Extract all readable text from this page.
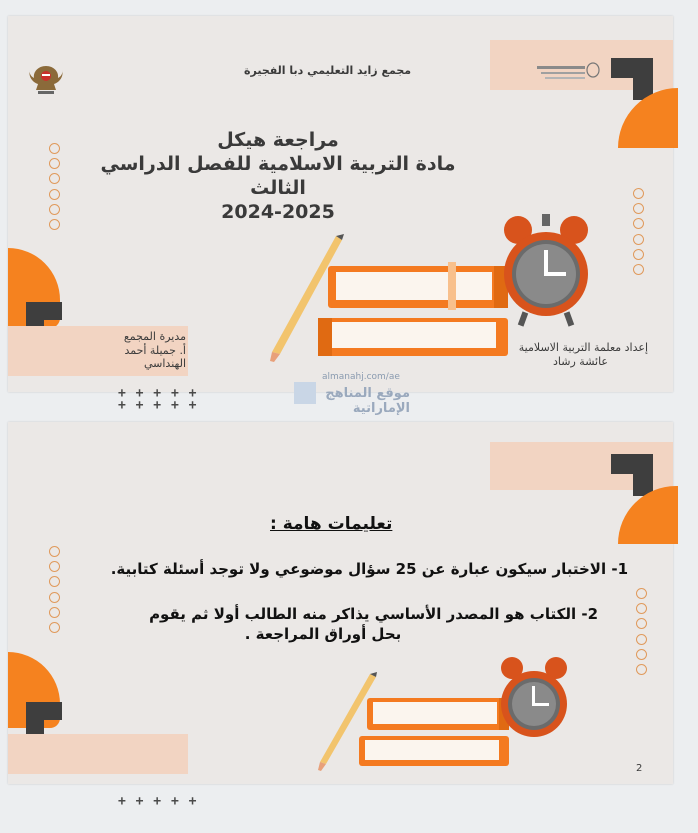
مجمع زايد التعليمي دبا الفجيرة

مراجعة هيكل
مادة التربية الاسلامية للفصل الدراسي الثالث
2024-2025
مديرة المجمع
أ. جميلة أحمد الهنداسي

+ + + + +
+ + + + +

إعداد معلمة التربية الاسلامية
عائشة رشاد
almanahj.com/ae
موقع المناهج الإماراتية

تعليمات هامة :
1- الاختبار سيكون عبارة عن 25 سؤال موضوعي ولا توجد أسئلة كتابية.
2- الكتاب هو المصدر الأساسي يذاكر منه الطالب أولا ثم يقوم
بحل أوراق المراجعة .

+ + + + +

2
